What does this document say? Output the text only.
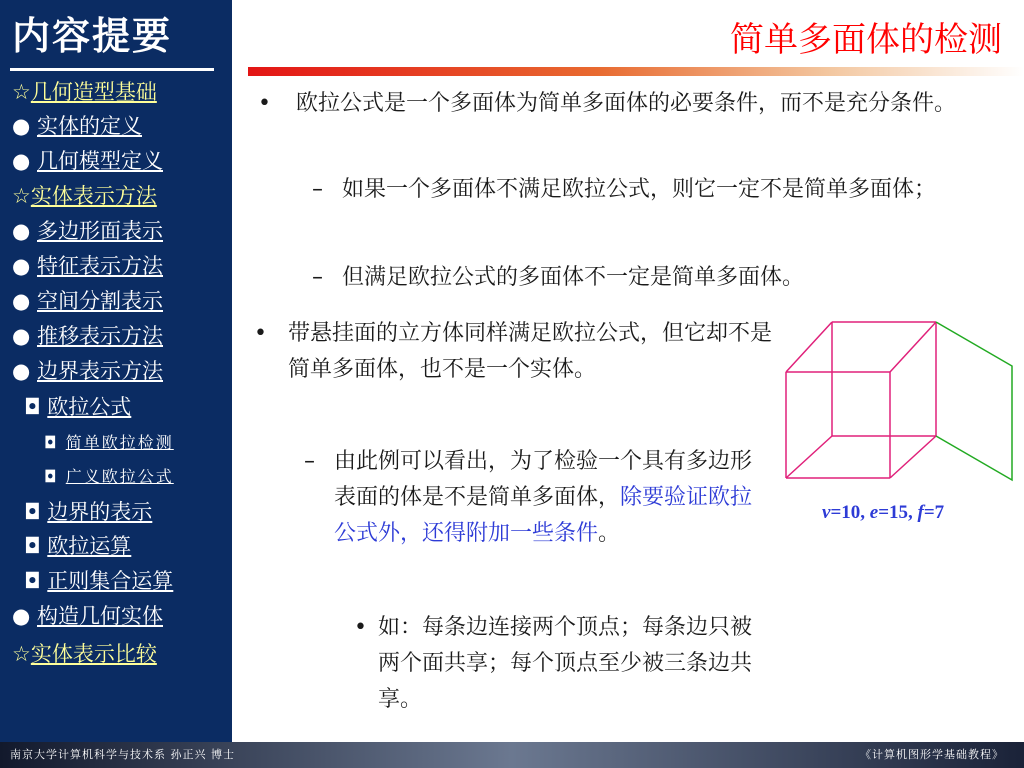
内容提要
☆几何造型基础
● 实体的定义
● 几何模型定义
☆实体表示方法
● 多边形面表示
● 特征表示方法
● 空间分割表示
● 推移表示方法
● 边界表示方法
◘ 欧拉公式
◘ 简单欧拉检测
◘ 广义欧拉公式
◘ 边界的表示
◘ 欧拉运算
◘ 正则集合运算
● 构造几何实体
☆实体表示比较
简单多面体的检测
• 欧拉公式是一个多面体为简单多面体的必要条件，而不是充分条件。
– 如果一个多面体不满足欧拉公式，则它一定不是简单多面体；
– 但满足欧拉公式的多面体不一定是简单多面体。
• 带悬挂面的立方体同样满足欧拉公式，但它却不是简单多面体，也不是一个实体。
– 由此例可以看出，为了检验一个具有多边形表面的体是不是简单多面体，除要验证欧拉公式外，还得附加一些条件。
• 如：每条边连接两个顶点；每条边只被两个面共享；每个顶点至少被三条边共享。
v=10, e=15, f=7
南京大学计算机科学与技术系 孙正兴 博士	《计算机图形学基础教程》
